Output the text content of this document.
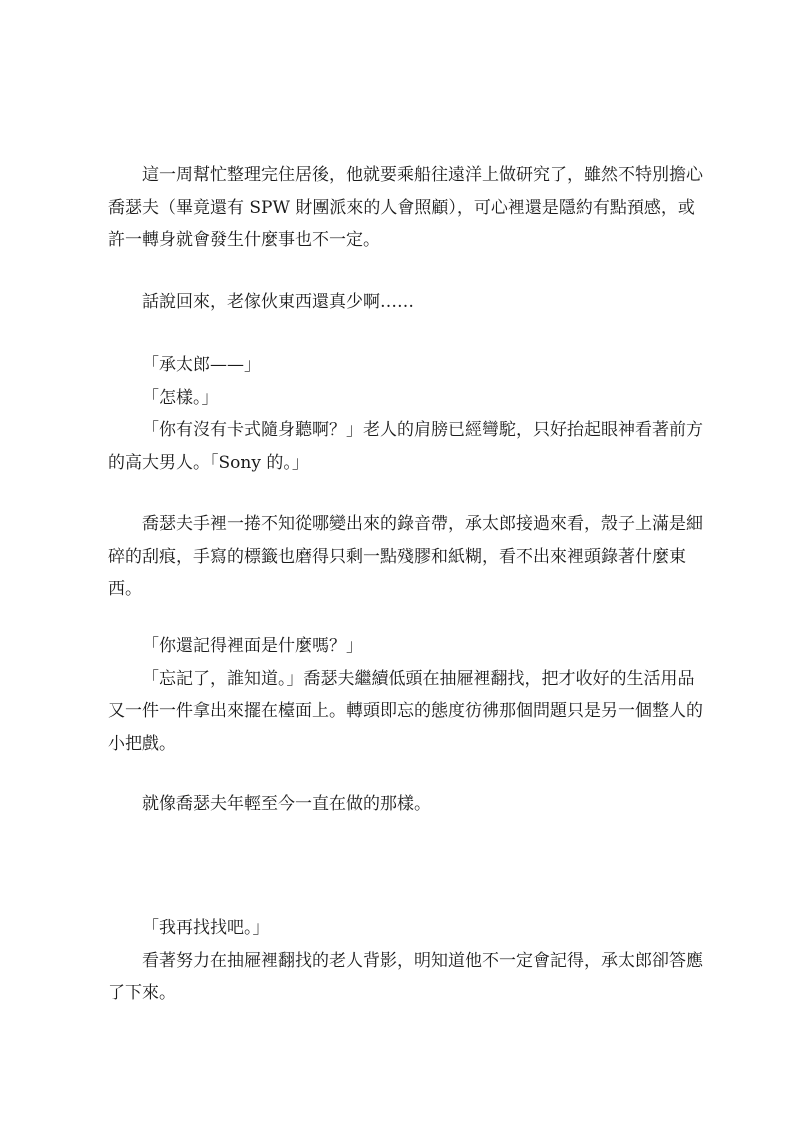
這一周幫忙整理完住居後，他就要乘船往遠洋上做研究了，雖然不特別擔心
喬瑟夫（畢竟還有 SPW 財團派來的人會照顧），可心裡還是隱約有點預感，或
許一轉身就會發生什麼事也不一定。
話說回來，老傢伙東西還真少啊……
「承太郎——」
「怎樣。」
「你有沒有卡式隨身聽啊？」老人的肩膀已經彎駝，只好抬起眼神看著前方
的高大男人。「Sony 的。」
喬瑟夫手裡一捲不知從哪變出來的錄音帶，承太郎接過來看，殼子上滿是細
碎的刮痕，手寫的標籤也磨得只剩一點殘膠和紙糊，看不出來裡頭錄著什麼東
西。
「你還記得裡面是什麼嗎？」
「忘記了，誰知道。」喬瑟夫繼續低頭在抽屜裡翻找，把才收好的生活用品
又一件一件拿出來擺在檯面上。轉頭即忘的態度彷彿那個問題只是另一個整人的
小把戲。
就像喬瑟夫年輕至今一直在做的那樣。
「我再找找吧。」
看著努力在抽屜裡翻找的老人背影，明知道他不一定會記得，承太郎卻答應
了下來。
